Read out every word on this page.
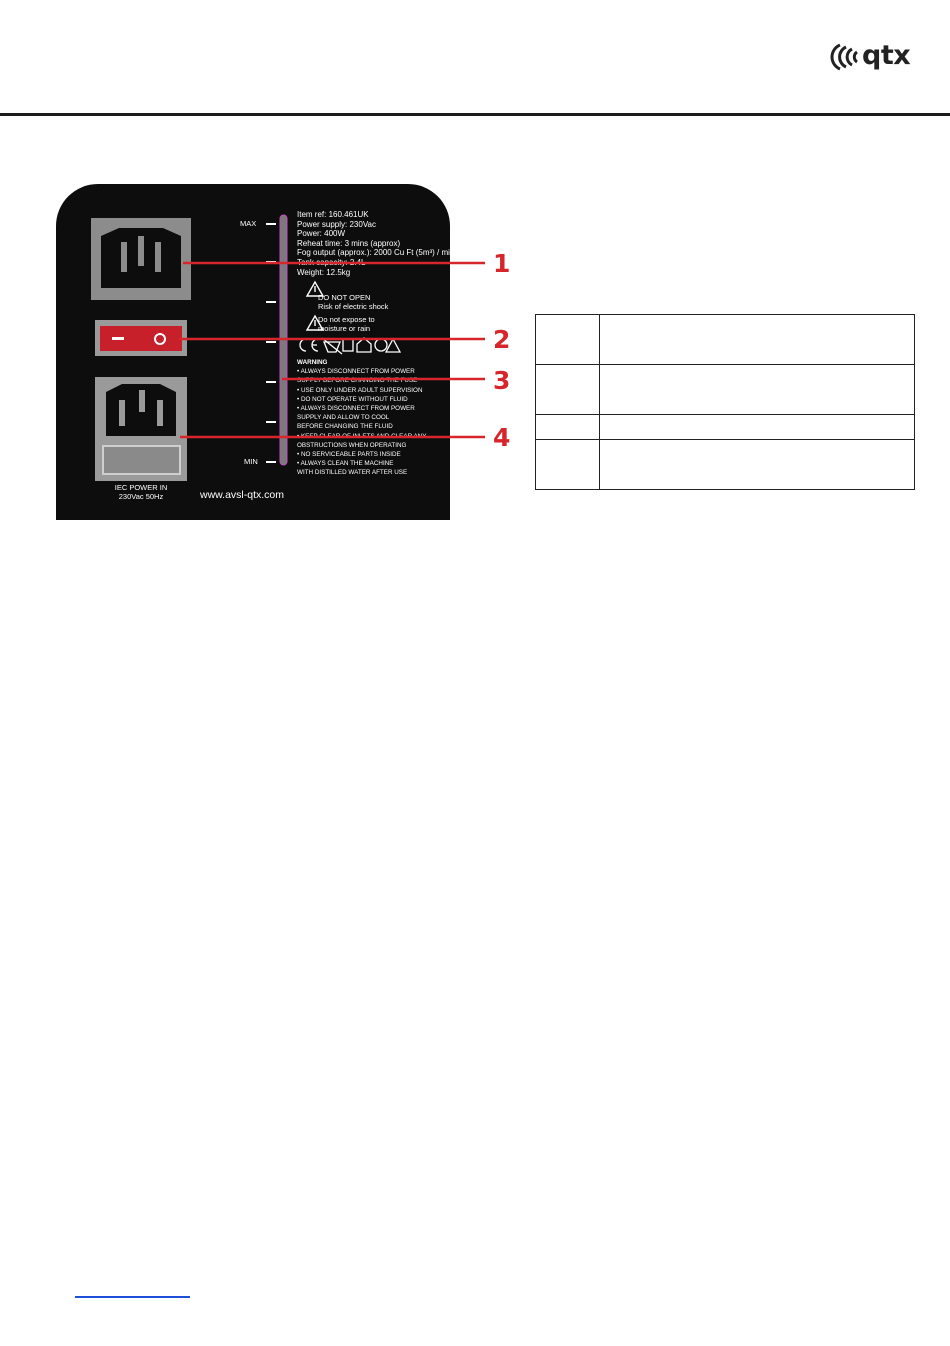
qtx
MAX
MIN
Item ref: 160.461UK
Power supply: 230Vac
Power: 400W
Reheat time: 3 mins (approx)
Fog output (approx.): 2000 Cu Ft (5m³) / min
Tank capacity: 2.4L
Weight: 12.5kg
DO NOT OPEN
Risk of electric shock
Do not expose to
moisture or rain
WARNING
• ALWAYS DISCONNECT FROM POWER
SUPPLY BEFORE CHANGING THE FUSE
• USE ONLY UNDER ADULT SUPERVISION
• DO NOT OPERATE WITHOUT FLUID
• ALWAYS DISCONNECT FROM POWER
SUPPLY AND ALLOW TO COOL
BEFORE CHANGING THE FLUID
• KEEP CLEAR OF INLETS AND CLEAR ANY
OBSTRUCTIONS WHEN OPERATING
• NO SERVICEABLE PARTS INSIDE
• ALWAYS CLEAN THE MACHINE
WITH DISTILLED WATER AFTER USE
IEC POWER IN
230Vac 50Hz	www.avsl-qtx.com
1
2
3
4
